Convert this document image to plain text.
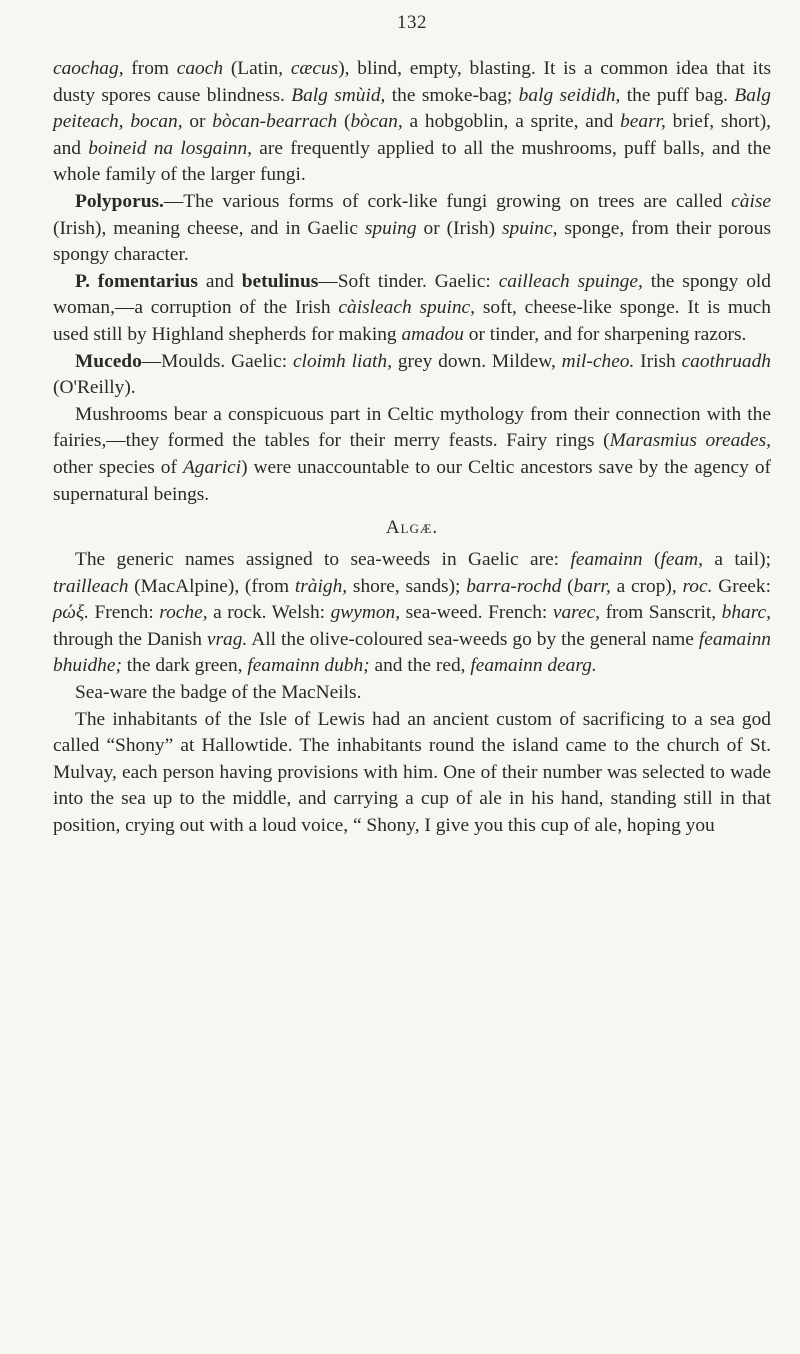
132

caochag, from caoch (Latin, cæcus), blind, empty, blasting. It is a common idea that its dusty spores cause blindness. Balg smùid, the smoke-bag; balg seididh, the puff bag. Balg peiteach, bocan, or bòcan-bearrach (bòcan, a hobgoblin, a sprite, and bearr, brief, short), and boineid na losgainn, are frequently applied to all the mushrooms, puff balls, and the whole family of the larger fungi.

Polyporus.—The various forms of cork-like fungi growing on trees are called càise (Irish), meaning cheese, and in Gaelic spuing or (Irish) spuinc, sponge, from their porous spongy character.

P. fomentarius and betulinus—Soft tinder. Gaelic: cailleach spuinge, the spongy old woman,—a corruption of the Irish càisleach spuinc, soft, cheese-like sponge. It is much used still by Highland shepherds for making amadou or tinder, and for sharpening razors.

Mucedo—Moulds. Gaelic: cloimh liath, grey down. Mildew, mil-cheo. Irish caothruadh (O'Reilly).

Mushrooms bear a conspicuous part in Celtic mythology from their connection with the fairies,—they formed the tables for their merry feasts. Fairy rings (Marasmius oreades, other species of Agarici) were unaccountable to our Celtic ancestors save by the agency of supernatural beings.

Algæ.

The generic names assigned to sea-weeds in Gaelic are: feamainn (feam, a tail); trailleach (MacAlpine), (from tràigh, shore, sands); barra-rochd (barr, a crop), roc. Greek: ρώξ. French: roche, a rock. Welsh: gwymon, sea-weed. French: varec, from Sanscrit, bharc, through the Danish vrag. All the olive-coloured sea-weeds go by the general name feamainn bhuidhe; the dark green, feamainn dubh; and the red, feamainn dearg.

Sea-ware the badge of the MacNeils.

The inhabitants of the Isle of Lewis had an ancient custom of sacrificing to a sea god called “Shony” at Hallowtide. The inhabitants round the island came to the church of St. Mulvay, each person having provisions with him. One of their number was selected to wade into the sea up to the middle, and carrying a cup of ale in his hand, standing still in that position, crying out with a loud voice, “ Shony, I give you this cup of ale, hoping you
